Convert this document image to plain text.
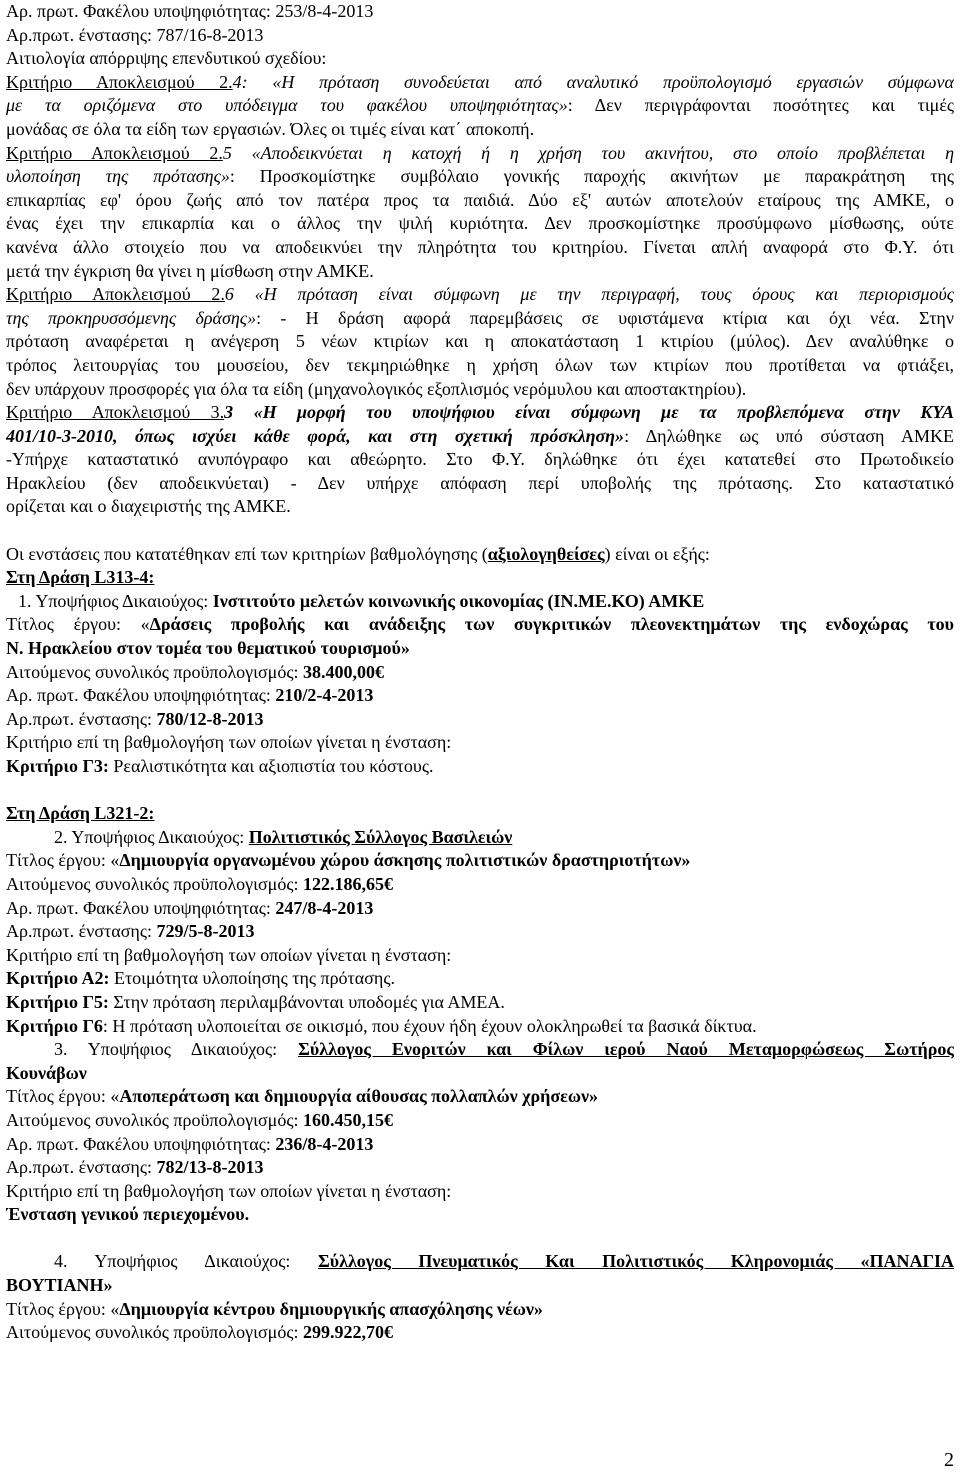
Αρ. πρωτ. Φακέλου υποψηφιότητας: 253/8-4-2013
Αρ.πρωτ. ένστασης: 787/16-8-2013
Αιτιολογία απόρριψης επενδυτικού σχεδίου:
Κριτήριο Αποκλεισμού 2.4: «Η πρόταση συνοδεύεται από αναλυτικό προϋπολογισμό εργασιών σύμφωνα
με τα οριζόμενα στο υπόδειγμα του φακέλου υποψηφιότητας»: Δεν περιγράφονται ποσότητες και τιμές
μονάδας σε όλα τα είδη των εργασιών. Όλες οι τιμές είναι κατ΄ αποκοπή.
Κριτήριο Αποκλεισμού 2.5 «Αποδεικνύεται η κατοχή ή η χρήση του ακινήτου, στο οποίο προβλέπεται η
υλοποίηση της πρότασης»: Προσκομίστηκε συμβόλαιο γονικής παροχής ακινήτων με παρακράτηση της
επικαρπίας εφ' όρου ζωής από τον πατέρα προς τα παιδιά. Δύο εξ' αυτών αποτελούν εταίρους της ΑΜΚΕ, ο
ένας έχει την επικαρπία και ο άλλος την ψιλή κυριότητα. Δεν προσκομίστηκε προσύμφωνο μίσθωσης, ούτε
κανένα άλλο στοιχείο που να αποδεικνύει την πληρότητα του κριτηρίου. Γίνεται απλή αναφορά στο Φ.Υ. ότι
μετά την έγκριση θα γίνει η μίσθωση στην ΑΜΚΕ.
Κριτήριο Αποκλεισμού 2.6 «Η πρόταση είναι σύμφωνη με την περιγραφή, τους όρους και περιορισμούς
της προκηρυσσόμενης δράσης»: - Η δράση αφορά παρεμβάσεις σε υφιστάμενα κτίρια και όχι νέα. Στην
πρόταση αναφέρεται η ανέγερση 5 νέων κτιρίων και η αποκατάσταση 1 κτιρίου (μύλος). Δεν αναλύθηκε ο
τρόπος λειτουργίας του μουσείου, δεν τεκμηριώθηκε η χρήση όλων των κτιρίων που προτίθεται να φτιάξει,
δεν υπάρχουν προσφορές για όλα τα είδη (μηχανολογικός εξοπλισμός νερόμυλου και αποστακτηρίου).
Κριτήριο Αποκλεισμού 3.3 «Η μορφή του υποψήφιου είναι σύμφωνη με τα προβλεπόμενα στην ΚΥΑ
401/10-3-2010, όπως ισχύει κάθε φορά, και στη σχετική πρόσκληση»: Δηλώθηκε ως υπό σύσταση ΑΜΚΕ
-Υπήρχε καταστατικό ανυπόγραφο και αθεώρητο. Στο Φ.Υ. δηλώθηκε ότι έχει κατατεθεί στο Πρωτοδικείο
Ηρακλείου (δεν αποδεικνύεται) - Δεν υπήρχε απόφαση περί υποβολής της πρότασης. Στο καταστατικό
ορίζεται και ο διαχειριστής της ΑΜΚΕ.
Οι ενστάσεις που κατατέθηκαν επί των κριτηρίων βαθμολόγησης (αξιολογηθείσες) είναι οι εξής:
Στη Δράση L313-4:
1. Υποψήφιος Δικαιούχος: Ινστιτούτο μελετών κοινωνικής οικονομίας (ΙΝ.ΜΕ.ΚΟ) ΑΜΚΕ
Τίτλος έργου: «Δράσεις προβολής και ανάδειξης των συγκριτικών πλεονεκτημάτων της ενδοχώρας του
Ν. Ηρακλείου στον τομέα του θεματικού τουρισμού»
Αιτούμενος συνολικός προϋπολογισμός: 38.400,00€
Αρ. πρωτ. Φακέλου υποψηφιότητας: 210/2-4-2013
Αρ.πρωτ. ένστασης: 780/12-8-2013
Κριτήριο επί τη βαθμολογήση των οποίων γίνεται η ένσταση:
Κριτήριο Γ3: Ρεαλιστικότητα και αξιοπιστία του κόστους.
Στη Δράση L321-2:
2. Υποψήφιος Δικαιούχος: Πολιτιστικός Σύλλογος Βασιλειών
Τίτλος έργου: «Δημιουργία οργανωμένου χώρου άσκησης πολιτιστικών δραστηριοτήτων»
Αιτούμενος συνολικός προϋπολογισμός: 122.186,65€
Αρ. πρωτ. Φακέλου υποψηφιότητας: 247/8-4-2013
Αρ.πρωτ. ένστασης: 729/5-8-2013
Κριτήριο επί τη βαθμολογήση των οποίων γίνεται η ένσταση:
Κριτήριο Α2: Ετοιμότητα υλοποίησης της πρότασης.
Κριτήριο Γ5: Στην πρόταση περιλαμβάνονται υποδομές για ΑΜΕΑ.
Κριτήριο Γ6: Η πρόταση υλοποιείται σε οικισμό, που έχουν ήδη έχουν ολοκληρωθεί τα βασικά δίκτυα.
3. Υποψήφιος Δικαιούχος: Σύλλογος Ενοριτών και Φίλων ιερού Ναού Μεταμορφώσεως Σωτήρος
Κουνάβων
Τίτλος έργου: «Αποπεράτωση και δημιουργία αίθουσας πολλαπλών χρήσεων»
Αιτούμενος συνολικός προϋπολογισμός: 160.450,15€
Αρ. πρωτ. Φακέλου υποψηφιότητας: 236/8-4-2013
Αρ.πρωτ. ένστασης: 782/13-8-2013
Κριτήριο επί τη βαθμολογήση των οποίων γίνεται η ένσταση:
Ένσταση γενικού περιεχομένου.
4. Υποψήφιος Δικαιούχος: Σύλλογος Πνευματικός Και Πολιτιστικός Κληρονομιάς «ΠΑΝΑΓΙΑ
ΒΟΥΤΙΑΝΗ»
Τίτλος έργου: «Δημιουργία κέντρου δημιουργικής απασχόλησης νέων»
Αιτούμενος συνολικός προϋπολογισμός: 299.922,70€
2
